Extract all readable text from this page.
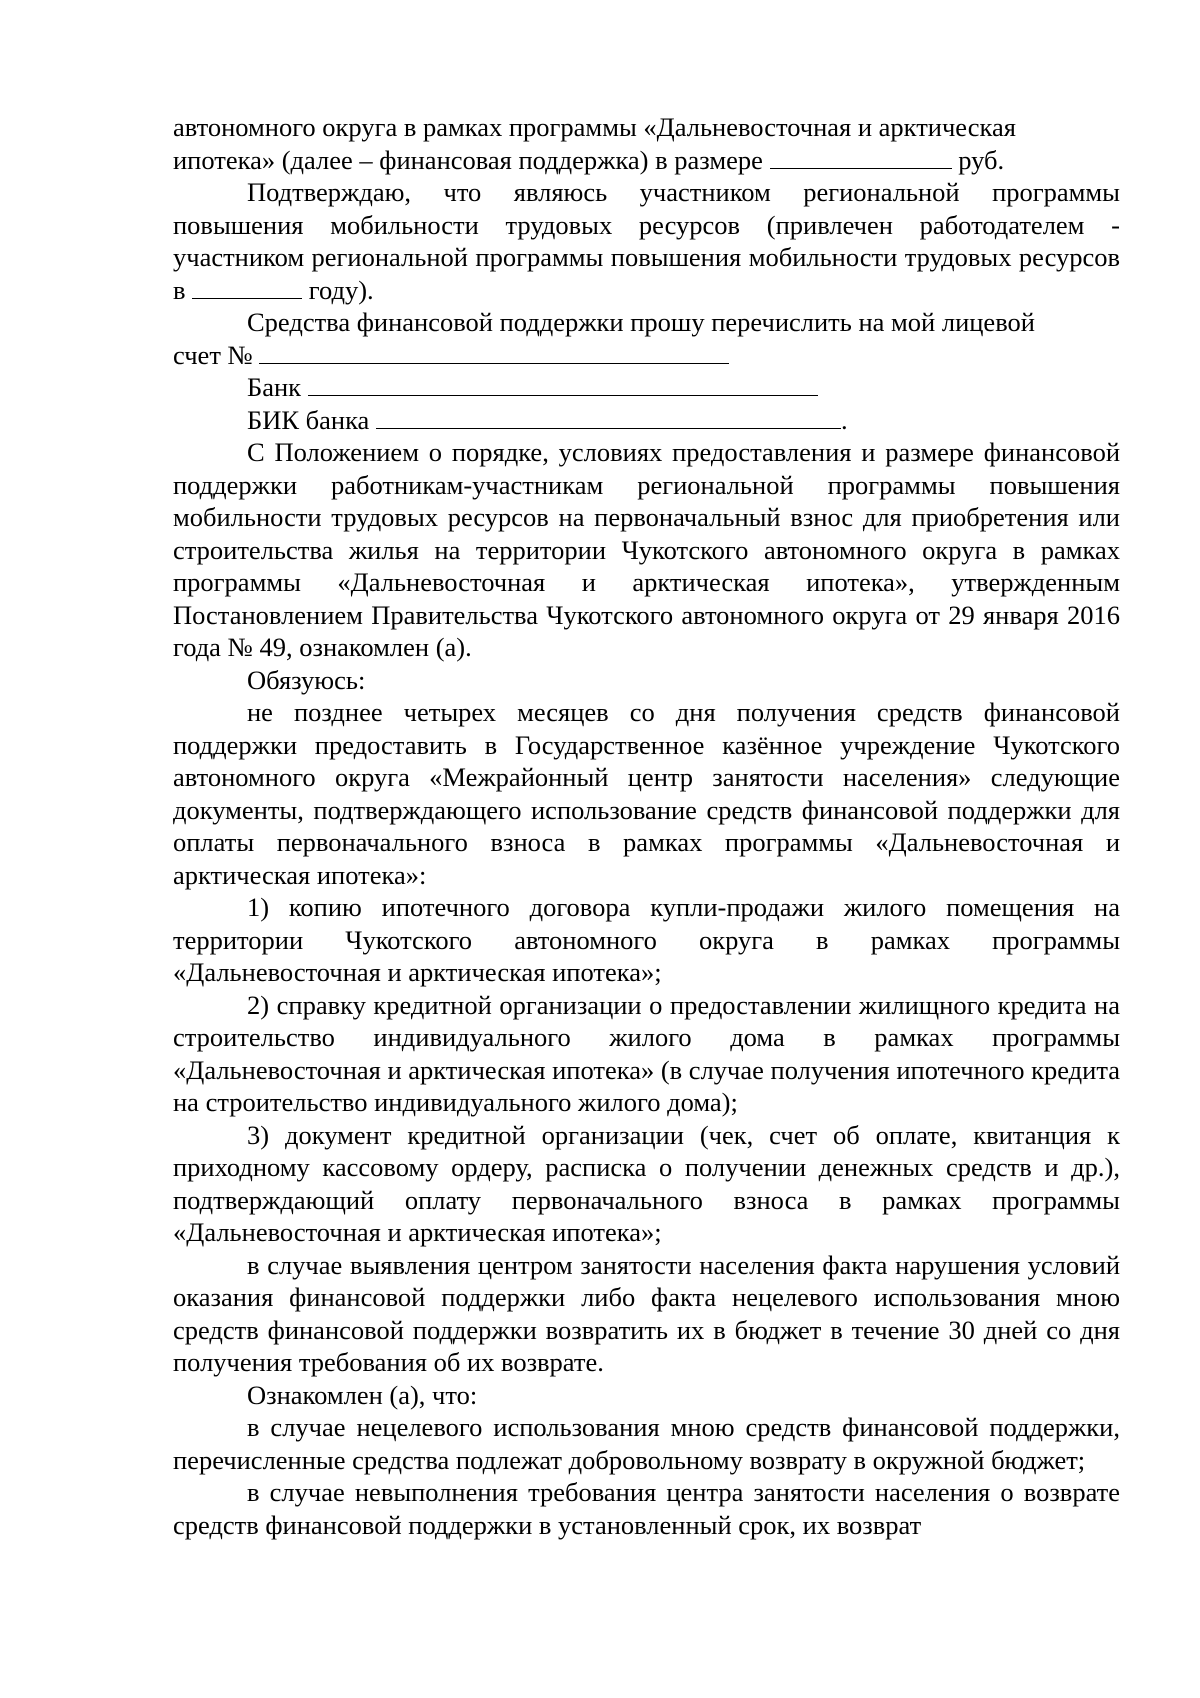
автономного округа в рамках программы «Дальневосточная и арктическая
ипотека» (далее – финансовая поддержка) в размере	руб.

Подтверждаю, что являюсь участником региональной программы повышения мобильности трудовых ресурсов (привлечен работодателем - участником региональной программы повышения мобильности трудовых ресурсов в	году).

Средства финансовой поддержки прошу перечислить на мой лицевой

счет №

Банк

БИК банка	.

С Положением о порядке, условиях предоставления и размере финансовой поддержки работникам-участникам региональной программы повышения мобильности трудовых ресурсов на первоначальный взнос для приобретения или строительства жилья на территории Чукотского автономного округа в рамках программы «Дальневосточная и арктическая ипотека», утвержденным Постановлением Правительства Чукотского автономного округа от 29 января 2016 года № 49, ознакомлен (а).

Обязуюсь:

не позднее четырех месяцев со дня получения средств финансовой поддержки предоставить в Государственное казённое учреждение Чукотского автономного округа «Межрайонный центр занятости населения» следующие документы, подтверждающего использование средств финансовой поддержки для оплаты первоначального взноса в рамках программы «Дальневосточная и арктическая ипотека»:

1) копию ипотечного договора купли-продажи жилого помещения на территории Чукотского автономного округа в рамках программы «Дальневосточная и арктическая ипотека»;

2) справку кредитной организации о предоставлении жилищного кредита на строительство индивидуального жилого дома в рамках программы «Дальневосточная и арктическая ипотека» (в случае получения ипотечного кредита на строительство индивидуального жилого дома);

3) документ кредитной организации (чек, счет об оплате, квитанция к приходному кассовому ордеру, расписка о получении денежных средств и др.), подтверждающий оплату первоначального взноса в рамках программы «Дальневосточная и арктическая ипотека»;

в случае выявления центром занятости населения факта нарушения условий оказания финансовой поддержки либо факта нецелевого использования мною средств финансовой поддержки возвратить их в бюджет в течение 30 дней со дня получения требования об их возврате.

Ознакомлен (а), что:

в случае нецелевого использования мною средств финансовой поддержки, перечисленные средства подлежат добровольному возврату в окружной бюджет;

в случае невыполнения требования центра занятости населения о возврате средств финансовой поддержки в установленный срок, их возврат
